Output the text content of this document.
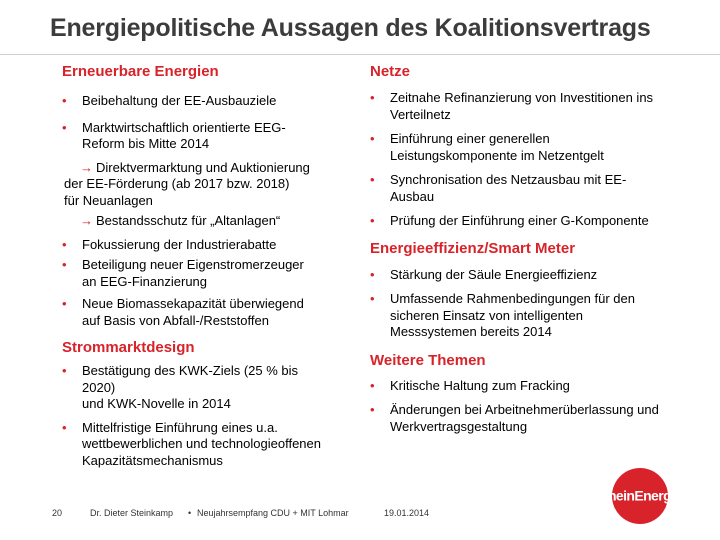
Energiepolitische Aussagen des Koalitionsvertrags
Erneuerbare Energien
• Beibehaltung der EE-Ausbauziele
• Marktwirtschaftlich orientierte EEG-
Reform bis Mitte 2014
→ Direktvermarktung und Auktionierung
der EE-Förderung (ab 2017 bzw. 2018)
für Neuanlagen
→ Bestandsschutz für „Altanlagen“
• Fokussierung der Industrierabatte
• Beteiligung neuer Eigenstromerzeuger
an EEG-Finanzierung
• Neue Biomassekapazität überwiegend
auf Basis von Abfall-/Reststoffen
Strommarktdesign
• Bestätigung des KWK-Ziels (25 % bis
2020)
und KWK-Novelle in 2014
• Mittelfristige Einführung eines u.a.
wettbewerblichen und technologieoffenen
Kapazitätsmechanismus
Netze
• Zeitnahe Refinanzierung von Investitionen ins
Verteilnetz
• Einführung einer generellen
Leistungskomponente im Netzentgelt
• Synchronisation des Netzausbau mit EE-
Ausbau
• Prüfung der Einführung einer G-Komponente
Energieeffizienz/Smart Meter
• Stärkung der Säule Energieeffizienz
• Umfassende Rahmenbedingungen für den
sicheren Einsatz von intelligenten
Messsystemen bereits 2014
Weitere Themen
• Kritische Haltung zum Fracking
• Änderungen bei Arbeitnehmerüberlassung und
Werkvertragsgestaltung
20	Dr. Dieter Steinkamp • Neujahrsempfang CDU + MIT Lohmar	19.01.2014
RheinEnergie
